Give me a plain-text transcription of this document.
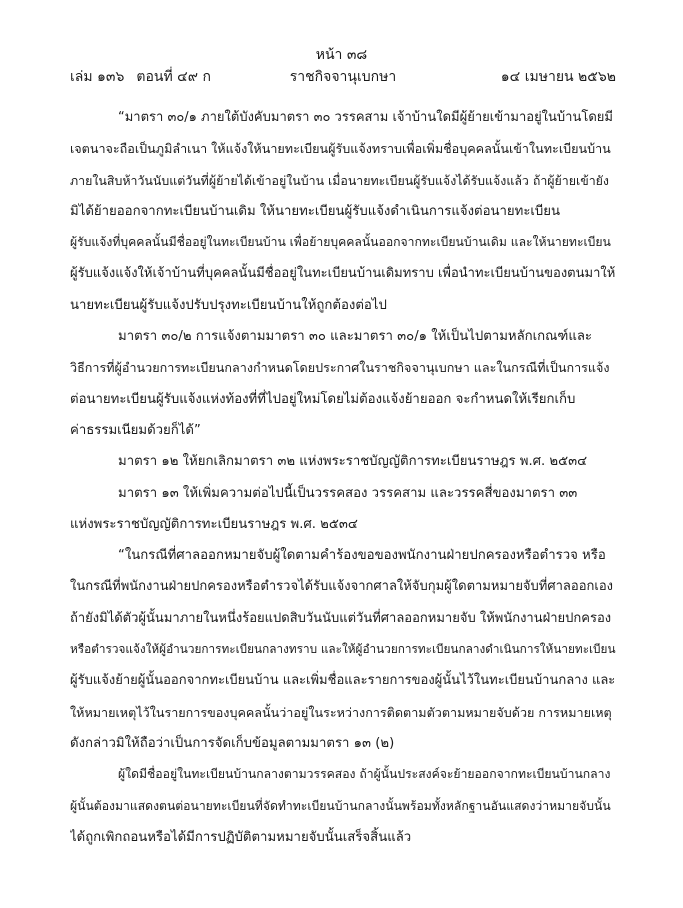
หน้า ๓๘
เล่ม ๑๓๖ ตอนที่ ๔๙ ก	ราชกิจจานุเบกษา	๑๔ เมษายน ๒๕๖๒
“มาตรา ๓๐/๑ ภายใต้บังคับมาตรา ๓๐ วรรคสาม เจ้าบ้านใดมีผู้ย้ายเข้ามาอยู่ในบ้านโดยมี
เจตนาจะถือเป็นภูมิลำเนา ให้แจ้งให้นายทะเบียนผู้รับแจ้งทราบเพื่อเพิ่มชื่อบุคคลนั้นเข้าในทะเบียนบ้าน
ภายในสิบห้าวันนับแต่วันที่ผู้ย้ายได้เข้าอยู่ในบ้าน เมื่อนายทะเบียนผู้รับแจ้งได้รับแจ้งแล้ว ถ้าผู้ย้ายเข้ายัง
มิได้ย้ายออกจากทะเบียนบ้านเดิม ให้นายทะเบียนผู้รับแจ้งดำเนินการแจ้งต่อนายทะเบียน
ผู้รับแจ้งที่บุคคลนั้นมีชื่ออยู่ในทะเบียนบ้าน เพื่อย้ายบุคคลนั้นออกจากทะเบียนบ้านเดิม และให้นายทะเบียน
ผู้รับแจ้งแจ้งให้เจ้าบ้านที่บุคคลนั้นมีชื่ออยู่ในทะเบียนบ้านเดิมทราบ เพื่อนำทะเบียนบ้านของตนมาให้
นายทะเบียนผู้รับแจ้งปรับปรุงทะเบียนบ้านให้ถูกต้องต่อไป
มาตรา ๓๐/๒ การแจ้งตามมาตรา ๓๐ และมาตรา ๓๐/๑ ให้เป็นไปตามหลักเกณฑ์และ
วิธีการที่ผู้อำนวยการทะเบียนกลางกำหนดโดยประกาศในราชกิจจานุเบกษา และในกรณีที่เป็นการแจ้ง
ต่อนายทะเบียนผู้รับแจ้งแห่งท้องที่ที่ไปอยู่ใหม่โดยไม่ต้องแจ้งย้ายออก จะกำหนดให้เรียกเก็บ
ค่าธรรมเนียมด้วยก็ได้”
มาตรา ๑๒ ให้ยกเลิกมาตรา ๓๒ แห่งพระราชบัญญัติการทะเบียนราษฎร พ.ศ. ๒๕๓๔
มาตรา ๑๓ ให้เพิ่มความต่อไปนี้เป็นวรรคสอง วรรคสาม และวรรคสี่ของมาตรา ๓๓
แห่งพระราชบัญญัติการทะเบียนราษฎร พ.ศ. ๒๕๓๔
“ในกรณีที่ศาลออกหมายจับผู้ใดตามคำร้องขอของพนักงานฝ่ายปกครองหรือตำรวจ หรือ
ในกรณีที่พนักงานฝ่ายปกครองหรือตำรวจได้รับแจ้งจากศาลให้จับกุมผู้ใดตามหมายจับที่ศาลออกเอง
ถ้ายังมิได้ตัวผู้นั้นมาภายในหนึ่งร้อยแปดสิบวันนับแต่วันที่ศาลออกหมายจับ ให้พนักงานฝ่ายปกครอง
หรือตำรวจแจ้งให้ผู้อำนวยการทะเบียนกลางทราบ และให้ผู้อำนวยการทะเบียนกลางดำเนินการให้นายทะเบียน
ผู้รับแจ้งย้ายผู้นั้นออกจากทะเบียนบ้าน และเพิ่มชื่อและรายการของผู้นั้นไว้ในทะเบียนบ้านกลาง และ
ให้หมายเหตุไว้ในรายการของบุคคลนั้นว่าอยู่ในระหว่างการติดตามตัวตามหมายจับด้วย การหมายเหตุ
ดังกล่าวมิให้ถือว่าเป็นการจัดเก็บข้อมูลตามมาตรา ๑๓ (๒)
ผู้ใดมีชื่ออยู่ในทะเบียนบ้านกลางตามวรรคสอง ถ้าผู้นั้นประสงค์จะย้ายออกจากทะเบียนบ้านกลาง
ผู้นั้นต้องมาแสดงตนต่อนายทะเบียนที่จัดทำทะเบียนบ้านกลางนั้นพร้อมทั้งหลักฐานอันแสดงว่าหมายจับนั้น
ได้ถูกเพิกถอนหรือได้มีการปฏิบัติตามหมายจับนั้นเสร็จสิ้นแล้ว
